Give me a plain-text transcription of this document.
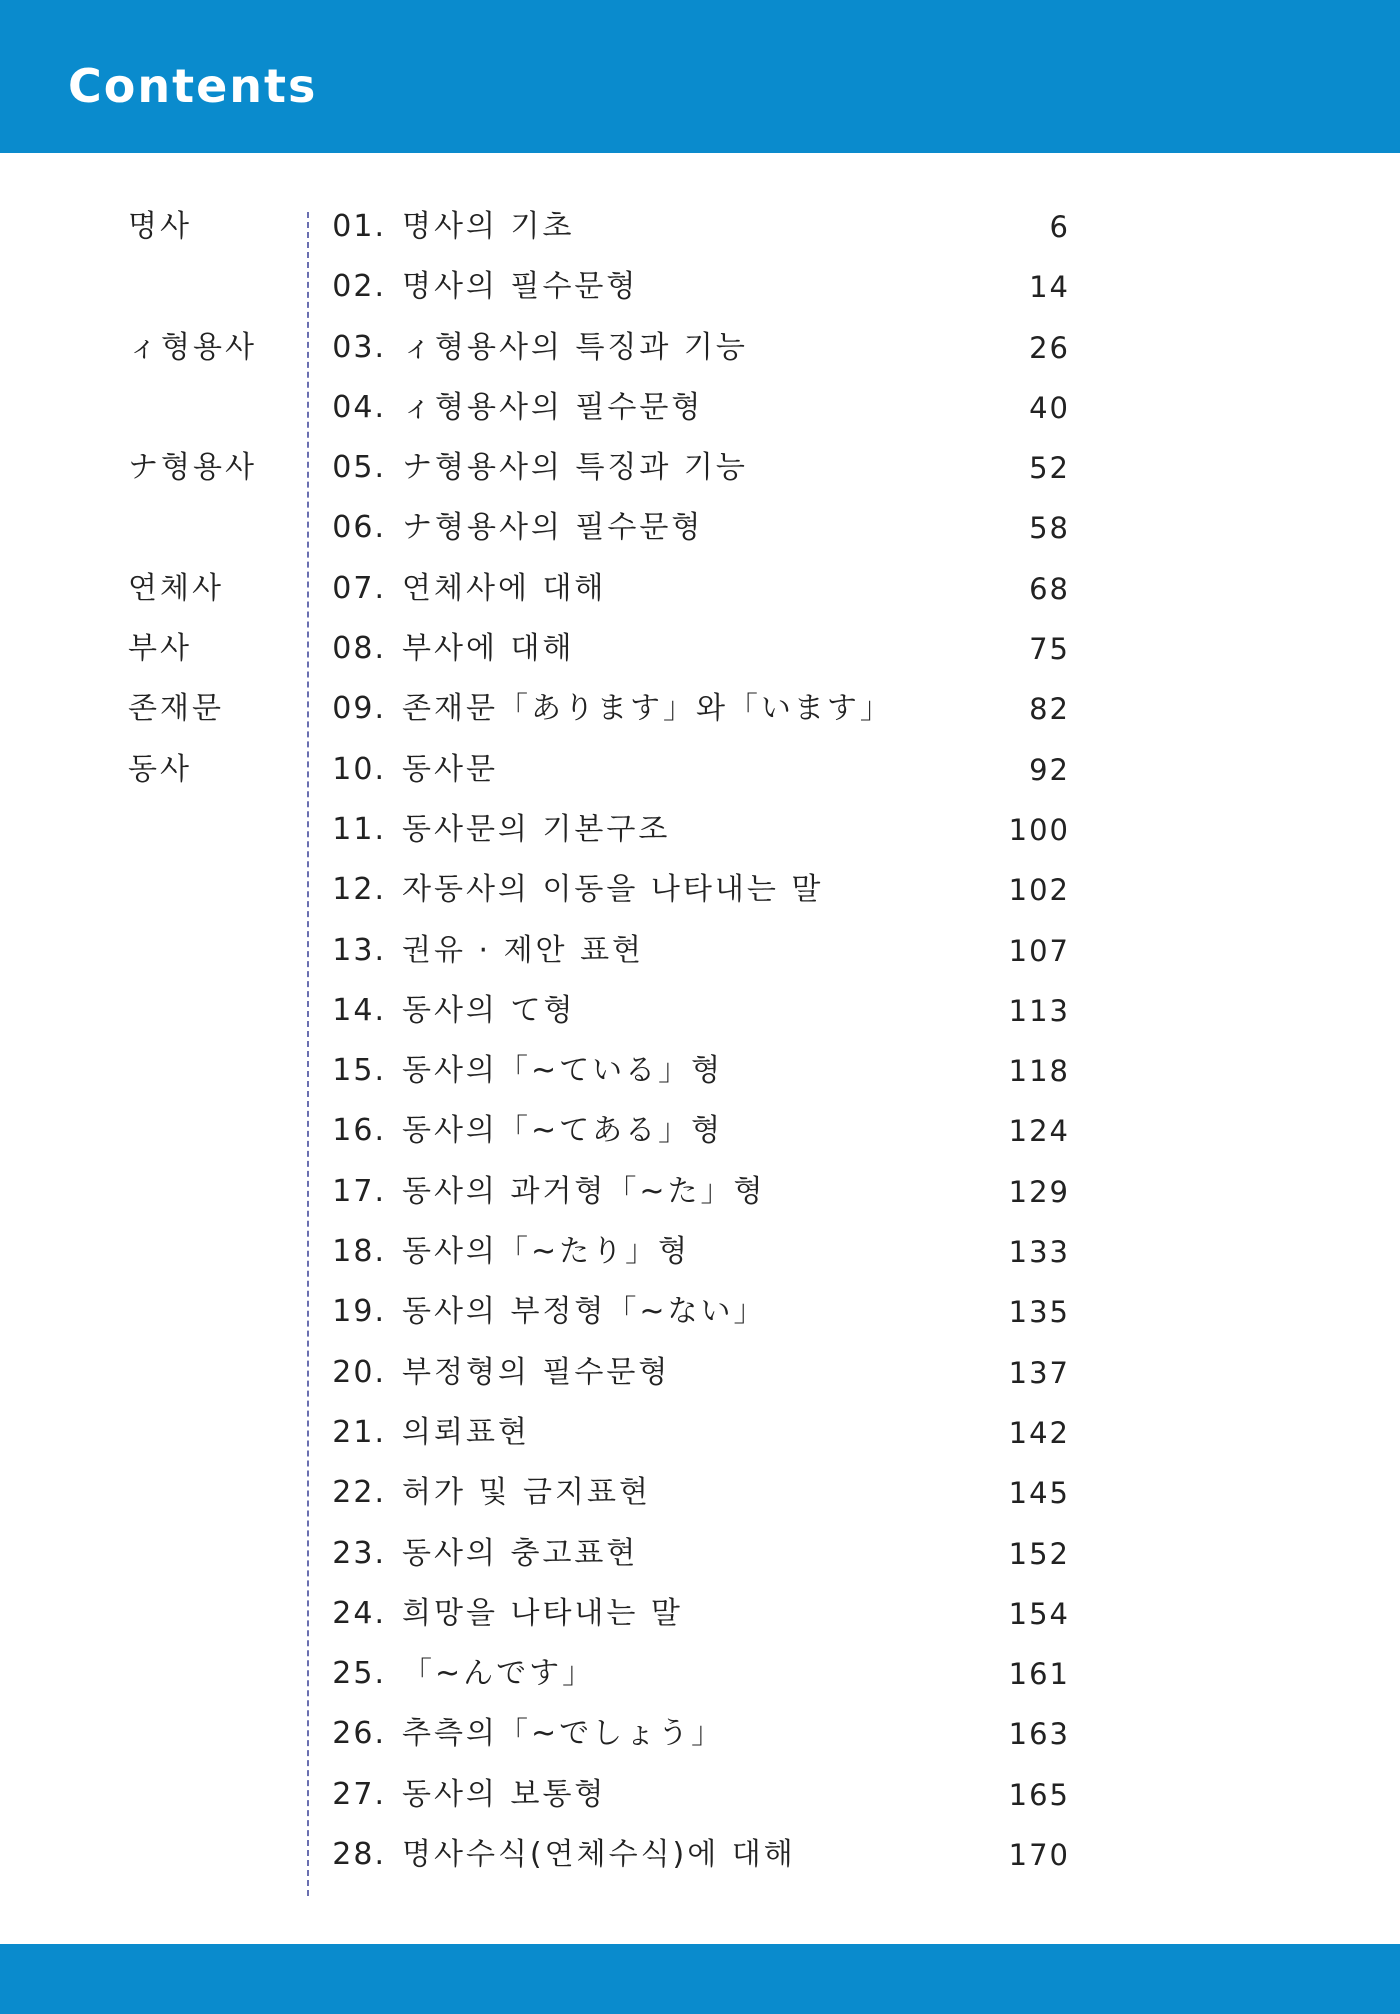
Contents
명사	01. 명사의 기초	6
02. 명사의 필수문형	14
ィ형용사	03. ィ형용사의 특징과 기능	26
04. ィ형용사의 필수문형	40
ナ형용사	05. ナ형용사의 특징과 기능	52
06. ナ형용사의 필수문형	58
연체사	07. 연체사에 대해	68
부사	08. 부사에 대해	75
존재문	09. 존재문「あります」와「います」	82
동사	10. 동사문	92
11. 동사문의 기본구조	100
12. 자동사의 이동을 나타내는 말	102
13. 권유 · 제안 표현	107
14. 동사의 て형	113
15. 동사의「~ている」형	118
16. 동사의「~てある」형	124
17. 동사의 과거형「~た」형	129
18. 동사의「~たり」형	133
19. 동사의 부정형「~ない」	135
20. 부정형의 필수문형	137
21. 의뢰표현	142
22. 허가 및 금지표현	145
23. 동사의 충고표현	152
24. 희망을 나타내는 말	154
25. 「~んです」	161
26. 추측의「~でしょう」	163
27. 동사의 보통형	165
28. 명사수식(연체수식)에 대해	170
